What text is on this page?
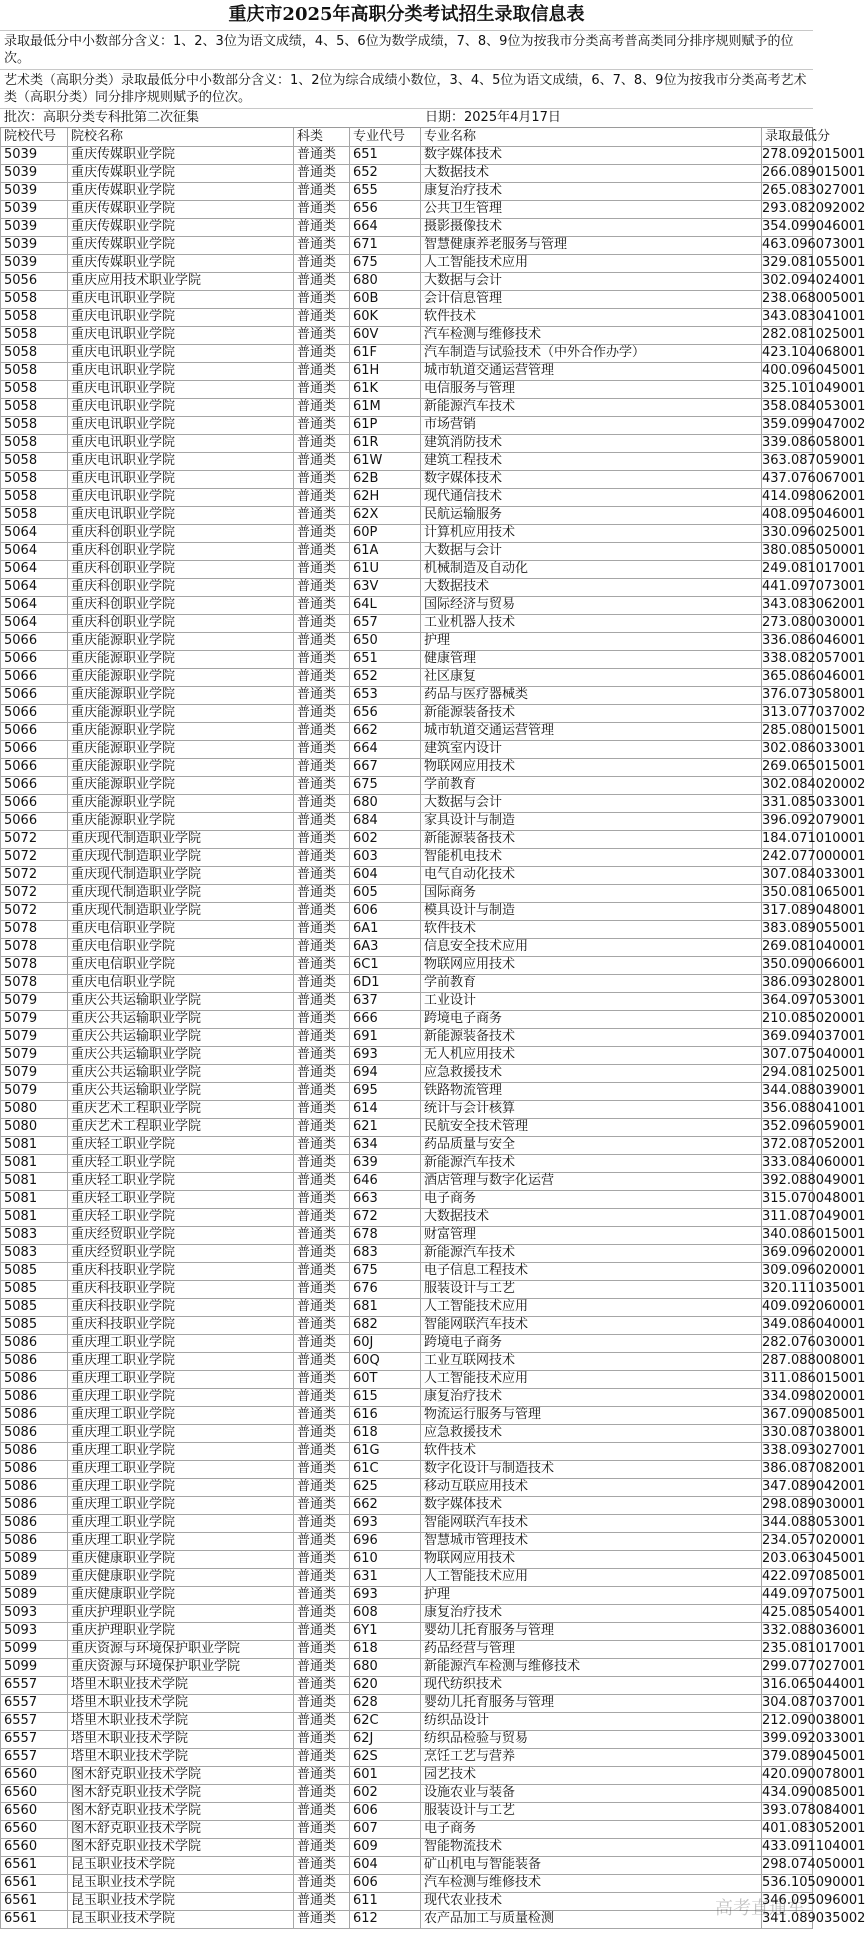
重庆市2025年高职分类考试招生录取信息表
录取最低分中小数部分含义：1、2、3位为语文成绩，4、5、6位为数学成绩，7、8、9位为按我市分类高考普高类同分排序规则赋予的位次。
艺术类（高职分类）录取最低分中小数部分含义：1、2位为综合成绩小数位，3、4、5位为语文成绩，6、7、8、9位为按我市分类高考艺术类（高职分类）同分排序规则赋予的位次。
批次：高职分类专科批第二次征集	日期：2025年4月17日
院校代号	院校名称	科类	专业代号	专业名称	录取最低分
5039	重庆传媒职业学院	普通类	651	数字媒体技术	278.092015001
5039	重庆传媒职业学院	普通类	652	大数据技术	266.089015001
5039	重庆传媒职业学院	普通类	655	康复治疗技术	265.083027001
5039	重庆传媒职业学院	普通类	656	公共卫生管理	293.082092002
5039	重庆传媒职业学院	普通类	664	摄影摄像技术	354.099046001
5039	重庆传媒职业学院	普通类	671	智慧健康养老服务与管理	463.096073001
5039	重庆传媒职业学院	普通类	675	人工智能技术应用	329.081055001
5056	重庆应用技术职业学院	普通类	680	大数据与会计	302.094024001
5058	重庆电讯职业学院	普通类	60B	会计信息管理	238.068005001
5058	重庆电讯职业学院	普通类	60K	软件技术	343.083041001
5058	重庆电讯职业学院	普通类	60V	汽车检测与维修技术	282.081025001
5058	重庆电讯职业学院	普通类	61F	汽车制造与试验技术（中外合作办学）	423.104068001
5058	重庆电讯职业学院	普通类	61H	城市轨道交通运营管理	400.096045001
5058	重庆电讯职业学院	普通类	61K	电信服务与管理	325.101049001
5058	重庆电讯职业学院	普通类	61M	新能源汽车技术	358.084053001
5058	重庆电讯职业学院	普通类	61P	市场营销	359.099047002
5058	重庆电讯职业学院	普通类	61R	建筑消防技术	339.086058001
5058	重庆电讯职业学院	普通类	61W	建筑工程技术	363.087059001
5058	重庆电讯职业学院	普通类	62B	数字媒体技术	437.076067001
5058	重庆电讯职业学院	普通类	62H	现代通信技术	414.098062001
5058	重庆电讯职业学院	普通类	62X	民航运输服务	408.095046001
5064	重庆科创职业学院	普通类	60P	计算机应用技术	330.096025001
5064	重庆科创职业学院	普通类	61A	大数据与会计	380.085050001
5064	重庆科创职业学院	普通类	61U	机械制造及自动化	249.081017001
5064	重庆科创职业学院	普通类	63V	大数据技术	441.097073001
5064	重庆科创职业学院	普通类	64L	国际经济与贸易	343.083062001
5064	重庆科创职业学院	普通类	657	工业机器人技术	273.080030001
5066	重庆能源职业学院	普通类	650	护理	336.086046001
5066	重庆能源职业学院	普通类	651	健康管理	338.082057001
5066	重庆能源职业学院	普通类	652	社区康复	365.086046001
5066	重庆能源职业学院	普通类	653	药品与医疗器械类	376.073058001
5066	重庆能源职业学院	普通类	656	新能源装备技术	313.077037002
5066	重庆能源职业学院	普通类	662	城市轨道交通运营管理	285.080015001
5066	重庆能源职业学院	普通类	664	建筑室内设计	302.086033001
5066	重庆能源职业学院	普通类	667	物联网应用技术	269.065015001
5066	重庆能源职业学院	普通类	675	学前教育	302.084020002
5066	重庆能源职业学院	普通类	680	大数据与会计	331.085033001
5066	重庆能源职业学院	普通类	684	家具设计与制造	396.092079001
5072	重庆现代制造职业学院	普通类	602	新能源装备技术	184.071010001
5072	重庆现代制造职业学院	普通类	603	智能机电技术	242.077000001
5072	重庆现代制造职业学院	普通类	604	电气自动化技术	307.084033001
5072	重庆现代制造职业学院	普通类	605	国际商务	350.081065001
5072	重庆现代制造职业学院	普通类	606	模具设计与制造	317.089048001
5078	重庆电信职业学院	普通类	6A1	软件技术	383.089055001
5078	重庆电信职业学院	普通类	6A3	信息安全技术应用	269.081040001
5078	重庆电信职业学院	普通类	6C1	物联网应用技术	350.090066001
5078	重庆电信职业学院	普通类	6D1	学前教育	386.093028001
5079	重庆公共运输职业学院	普通类	637	工业设计	364.097053001
5079	重庆公共运输职业学院	普通类	666	跨境电子商务	210.085020001
5079	重庆公共运输职业学院	普通类	691	新能源装备技术	369.094037001
5079	重庆公共运输职业学院	普通类	693	无人机应用技术	307.075040001
5079	重庆公共运输职业学院	普通类	694	应急救援技术	294.081025001
5079	重庆公共运输职业学院	普通类	695	铁路物流管理	344.088039001
5080	重庆艺术工程职业学院	普通类	614	统计与会计核算	356.088041001
5080	重庆艺术工程职业学院	普通类	621	民航安全技术管理	352.096059001
5081	重庆轻工职业学院	普通类	634	药品质量与安全	372.087052001
5081	重庆轻工职业学院	普通类	639	新能源汽车技术	333.084060001
5081	重庆轻工职业学院	普通类	646	酒店管理与数字化运营	392.088049001
5081	重庆轻工职业学院	普通类	663	电子商务	315.070048001
5081	重庆轻工职业学院	普通类	672	大数据技术	311.087049001
5083	重庆经贸职业学院	普通类	678	财富管理	340.086015001
5083	重庆经贸职业学院	普通类	683	新能源汽车技术	369.096020001
5085	重庆科技职业学院	普通类	675	电子信息工程技术	309.096020001
5085	重庆科技职业学院	普通类	676	服装设计与工艺	320.111035001
5085	重庆科技职业学院	普通类	681	人工智能技术应用	409.092060001
5085	重庆科技职业学院	普通类	682	智能网联汽车技术	349.086040001
5086	重庆理工职业学院	普通类	60J	跨境电子商务	282.076030001
5086	重庆理工职业学院	普通类	60Q	工业互联网技术	287.088008001
5086	重庆理工职业学院	普通类	60T	人工智能技术应用	311.086015001
5086	重庆理工职业学院	普通类	615	康复治疗技术	334.098020001
5086	重庆理工职业学院	普通类	616	物流运行服务与管理	367.090085001
5086	重庆理工职业学院	普通类	618	应急救援技术	330.087038001
5086	重庆理工职业学院	普通类	61G	软件技术	338.093027001
5086	重庆理工职业学院	普通类	61C	数字化设计与制造技术	386.087082001
5086	重庆理工职业学院	普通类	625	移动互联应用技术	347.089042001
5086	重庆理工职业学院	普通类	662	数字媒体技术	298.089030001
5086	重庆理工职业学院	普通类	693	智能网联汽车技术	344.088053001
5086	重庆理工职业学院	普通类	696	智慧城市管理技术	234.057020001
5089	重庆健康职业学院	普通类	610	物联网应用技术	203.063045001
5089	重庆健康职业学院	普通类	631	人工智能技术应用	422.097085001
5089	重庆健康职业学院	普通类	693	护理	449.097075001
5093	重庆护理职业学院	普通类	608	康复治疗技术	425.085054001
5093	重庆护理职业学院	普通类	6Y1	婴幼儿托育服务与管理	332.088036001
5099	重庆资源与环境保护职业学院	普通类	618	药品经营与管理	235.081017001
5099	重庆资源与环境保护职业学院	普通类	680	新能源汽车检测与维修技术	299.077027001
6557	塔里木职业技术学院	普通类	620	现代纺织技术	316.065044001
6557	塔里木职业技术学院	普通类	628	婴幼儿托育服务与管理	304.087037001
6557	塔里木职业技术学院	普通类	62C	纺织品设计	212.090038001
6557	塔里木职业技术学院	普通类	62J	纺织品检验与贸易	399.092033001
6557	塔里木职业技术学院	普通类	62S	烹饪工艺与营养	379.089045001
6560	图木舒克职业技术学院	普通类	601	园艺技术	420.090078001
6560	图木舒克职业技术学院	普通类	602	设施农业与装备	434.090085001
6560	图木舒克职业技术学院	普通类	606	服装设计与工艺	393.078084001
6560	图木舒克职业技术学院	普通类	607	电子商务	401.083052001
6560	图木舒克职业技术学院	普通类	609	智能物流技术	433.091104001
6561	昆玉职业技术学院	普通类	604	矿山机电与智能装备	298.074050001
6561	昆玉职业技术学院	普通类	606	汽车检测与维修技术	536.105090001
6561	昆玉职业技术学院	普通类	611	现代农业技术	346.095096001
6561	昆玉职业技术学院	普通类	612	农产品加工与质量检测	341.089035002
高考直通车
